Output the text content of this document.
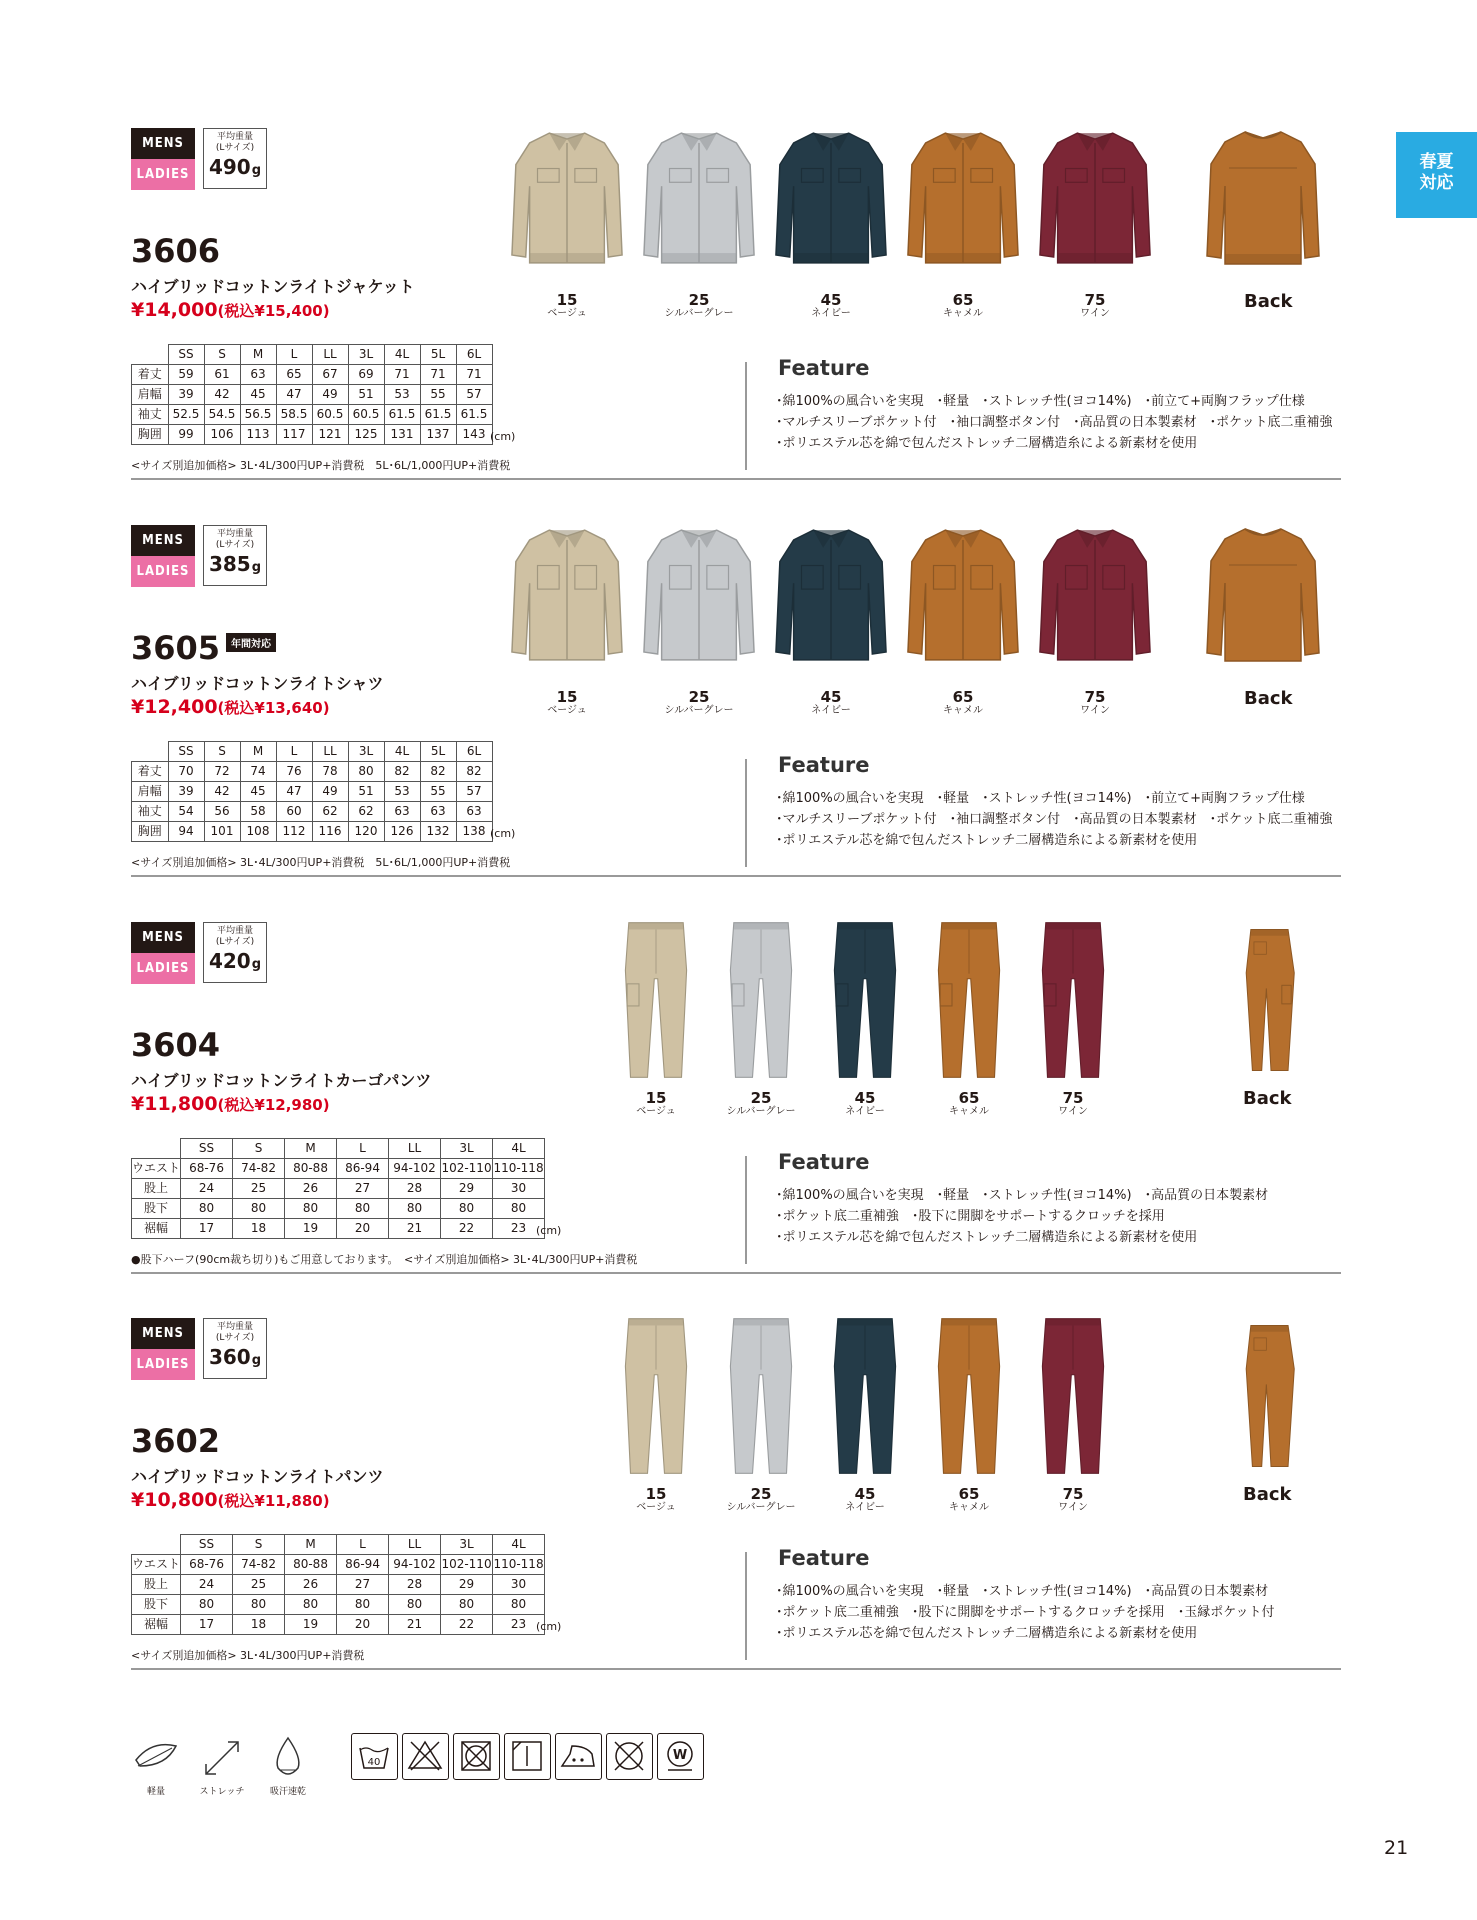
春夏
対応
MENS
LADIES
平均重量
(Lサイズ)
490g
3606
ハイブリッドコットンライトジャケット
¥14,000(税込¥15,400)
	SS	S	M	L	LL	3L	4L	5L	6L
着丈	59	61	63	65	67	69	71	71	71
肩幅	39	42	45	47	49	51	53	55	57
袖丈	52.5	54.5	56.5	58.5	60.5	60.5	61.5	61.5	61.5
胸囲	99	106	113	117	121	125	131	137	143 (cm)
<サイズ別追加価格> 3L･4L/300円UP+消費税　5L･6L/1,000円UP+消費税
Feature
･綿100%の風合いを実現　･軽量　･ストレッチ性(ヨコ14%)　･前立て+両胸フラップ仕様
･マルチスリーブポケット付　･袖口調整ボタン付　･高品質の日本製素材　･ポケット底二重補強
･ポリエステル芯を綿で包んだストレッチ二層構造糸による新素材を使用
15
ベージュ
25
シルバーグレー
45
ネイビー
65
キャメル
75
ワイン
Back
MENS
LADIES
平均重量
(Lサイズ)
385g
3605	年間対応
ハイブリッドコットンライトシャツ
¥12,400(税込¥13,640)
	SS	S	M	L	LL	3L	4L	5L	6L
着丈	70	72	74	76	78	80	82	82	82
肩幅	39	42	45	47	49	51	53	55	57
袖丈	54	56	58	60	62	62	63	63	63
胸囲	94	101	108	112	116	120	126	132	138 (cm)
<サイズ別追加価格> 3L･4L/300円UP+消費税　5L･6L/1,000円UP+消費税
Feature
･綿100%の風合いを実現　･軽量　･ストレッチ性(ヨコ14%)　･前立て+両胸フラップ仕様
･マルチスリーブポケット付　･袖口調整ボタン付　･高品質の日本製素材　･ポケット底二重補強
･ポリエステル芯を綿で包んだストレッチ二層構造糸による新素材を使用
15
ベージュ
25
シルバーグレー
45
ネイビー
65
キャメル
75
ワイン
Back
MENS
LADIES
平均重量
(Lサイズ)
420g
3604
ハイブリッドコットンライトカーゴパンツ
¥11,800(税込¥12,980)
	SS	S	M	L	LL	3L	4L
ウエスト	68-76	74-82	80-88	86-94	94-102	102-110	110-118
股上	24	25	26	27	28	29	30
股下	80	80	80	80	80	80	80
裾幅	17	18	19	20	21	22	23 (cm)
●股下ハーフ(90cm裁ち切り)もご用意しております。　<サイズ別追加価格> 3L･4L/300円UP+消費税
Feature
･綿100%の風合いを実現　･軽量　･ストレッチ性(ヨコ14%)　･高品質の日本製素材
･ポケット底二重補強　･股下に開脚をサポートするクロッチを採用
･ポリエステル芯を綿で包んだストレッチ二層構造糸による新素材を使用
15
ベージュ
25
シルバーグレー
45
ネイビー
65
キャメル
75
ワイン
Back
MENS
LADIES
平均重量
(Lサイズ)
360g
3602
ハイブリッドコットンライトパンツ
¥10,800(税込¥11,880)
	SS	S	M	L	LL	3L	4L
ウエスト	68-76	74-82	80-88	86-94	94-102	102-110	110-118
股上	24	25	26	27	28	29	30
股下	80	80	80	80	80	80	80
裾幅	17	18	19	20	21	22	23 (cm)
<サイズ別追加価格> 3L･4L/300円UP+消費税
Feature
･綿100%の風合いを実現　･軽量　･ストレッチ性(ヨコ14%)　･高品質の日本製素材
･ポケット底二重補強　･股下に開脚をサポートするクロッチを採用　･玉縁ポケット付
･ポリエステル芯を綿で包んだストレッチ二層構造糸による新素材を使用
15
ベージュ
25
シルバーグレー
45
ネイビー
65
キャメル
75
ワイン
Back
軽量	ストレッチ	吸汗速乾
40	W
21
